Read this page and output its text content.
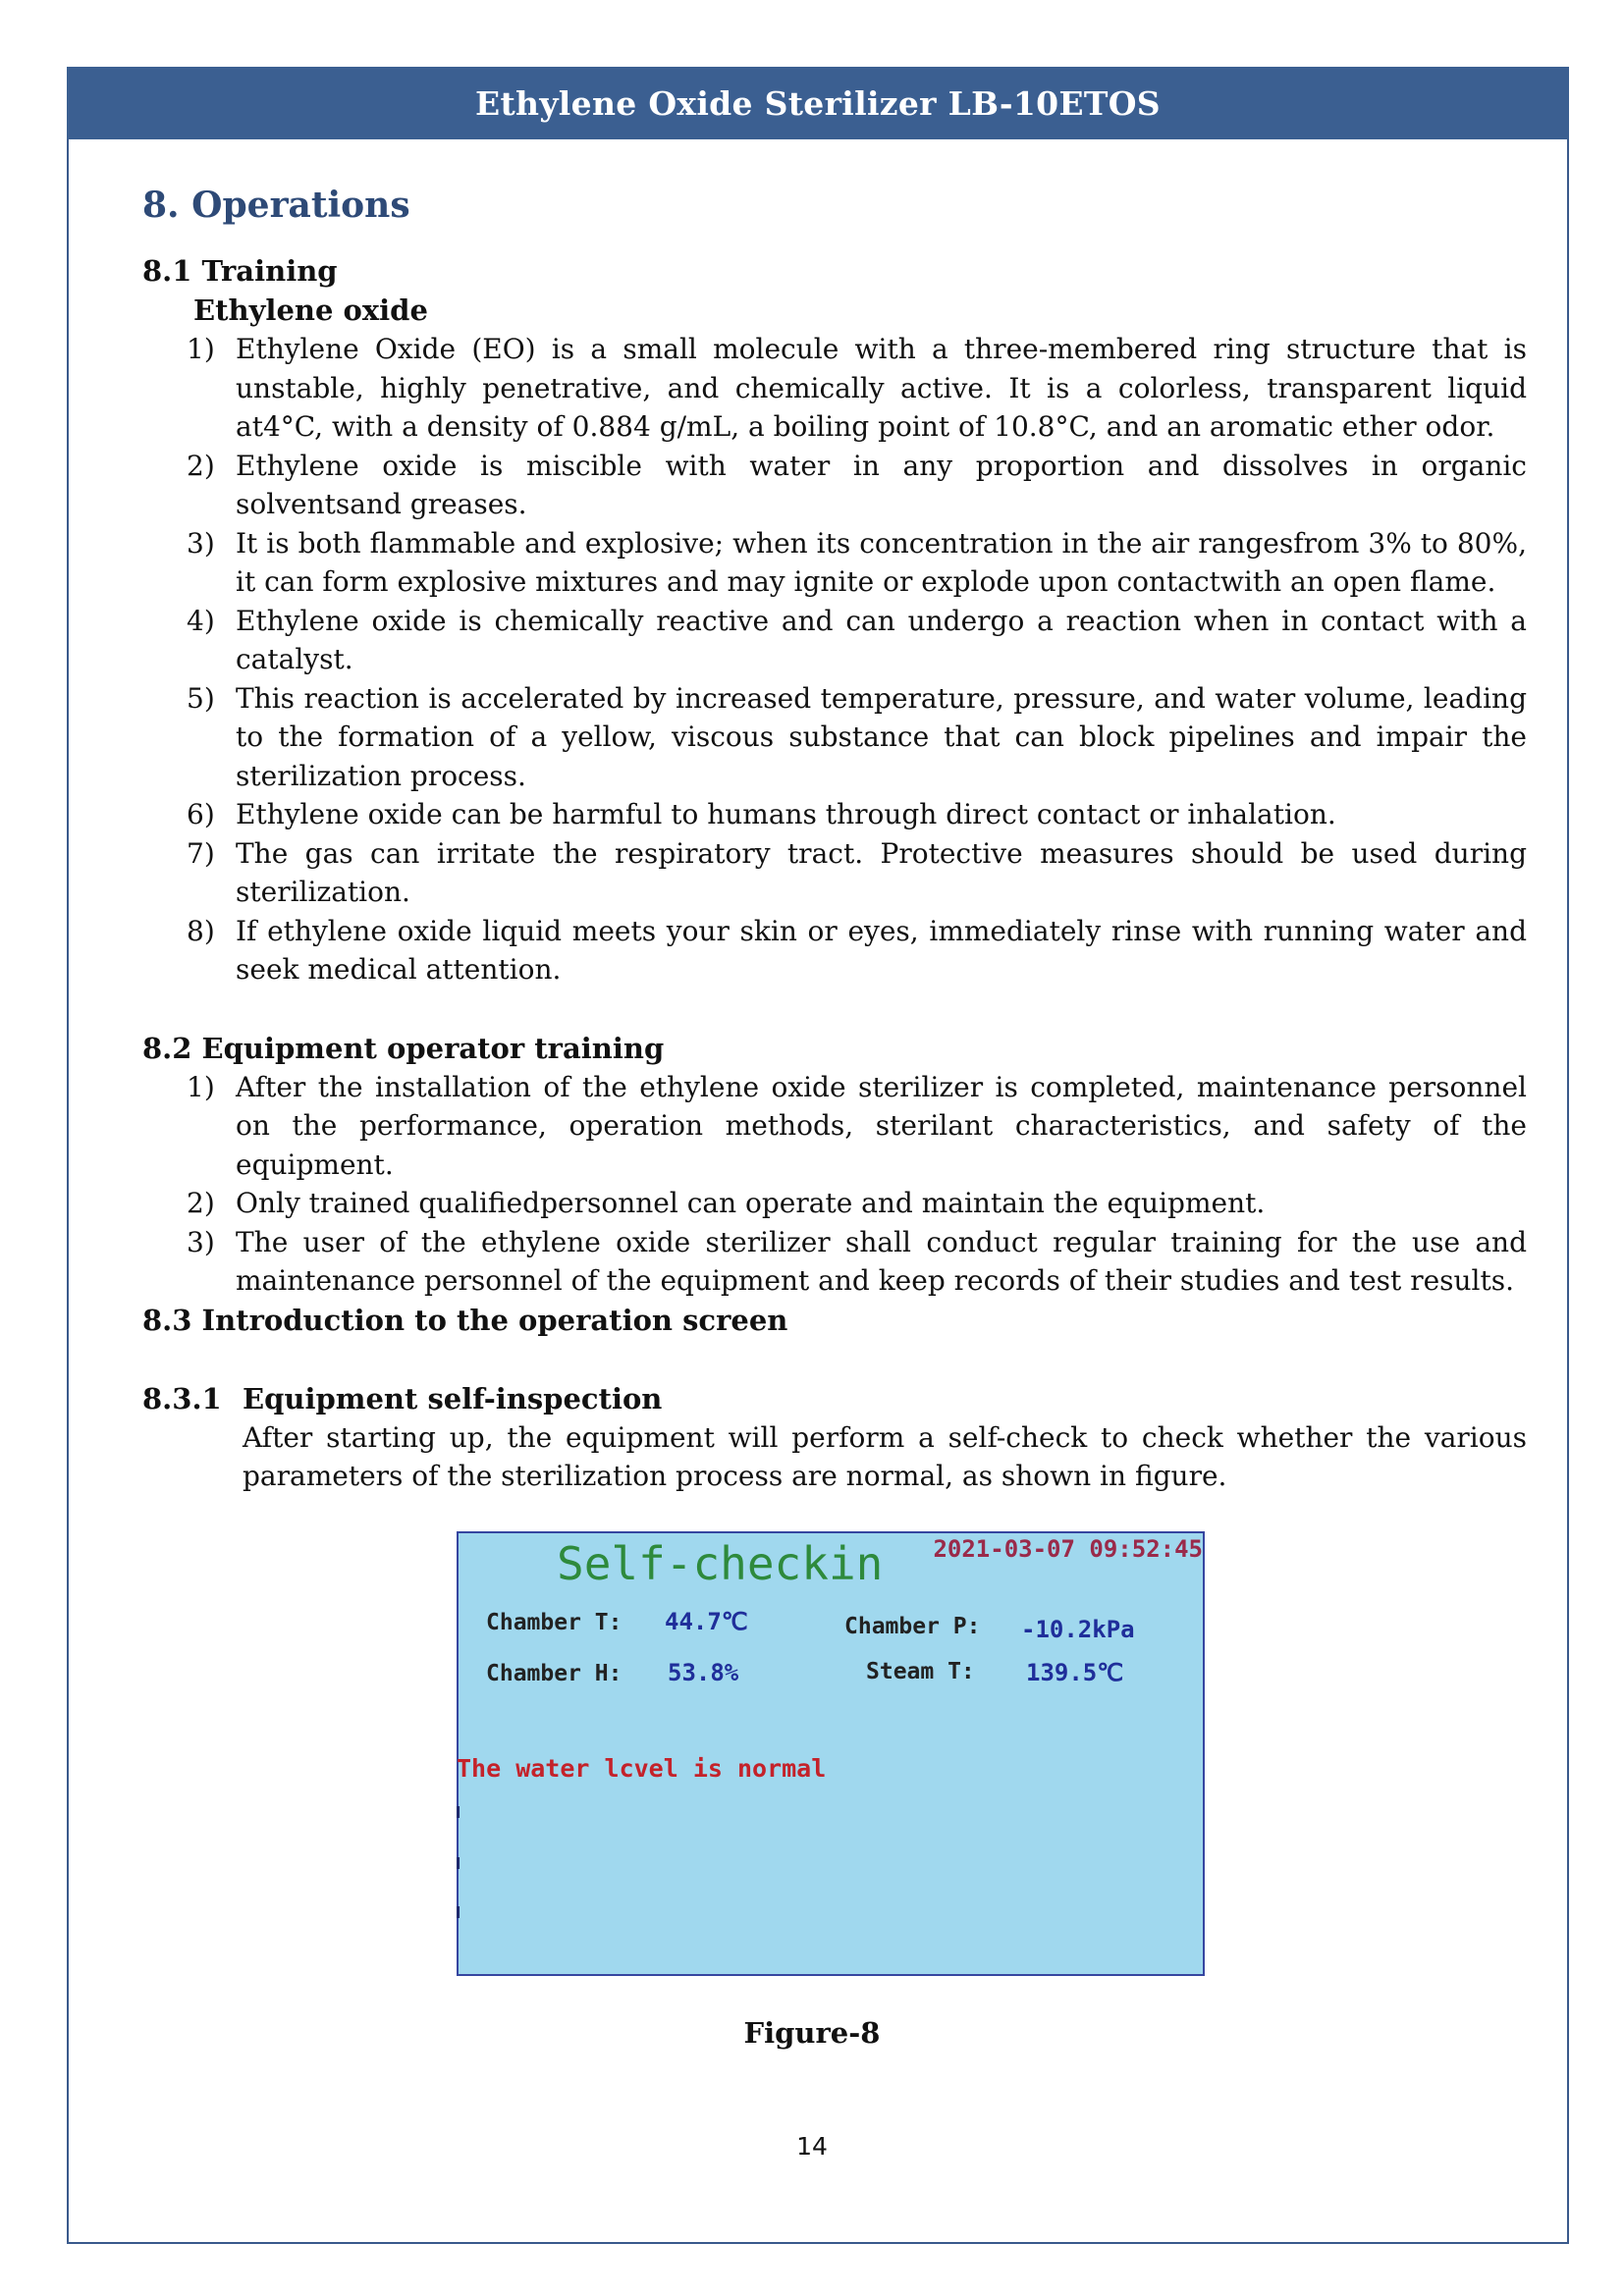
Ethylene Oxide Sterilizer LB-10ETOS
8. Operations
8.1 Training
Ethylene oxide
1) Ethylene Oxide (EO) is a small molecule with a three-membered ring structure that is unstable, highly penetrative, and chemically active. It is a colorless, transparent liquid at4°C, with a density of 0.884 g/mL, a boiling point of 10.8°C, and an aromatic ether odor.
2) Ethylene oxide is miscible with water in any proportion and dissolves in organic solventsand greases.
3) It is both flammable and explosive; when its concentration in the air rangesfrom 3% to 80%, it can form explosive mixtures and may ignite or explode upon contactwith an open flame.
4) Ethylene oxide is chemically reactive and can undergo a reaction when in contact with a catalyst.
5) This reaction is accelerated by increased temperature, pressure, and water volume, leading to the formation of a yellow, viscous substance that can block pipelines and impair the sterilization process.
6) Ethylene oxide can be harmful to humans through direct contact or inhalation.
7) The gas can irritate the respiratory tract. Protective measures should be used during sterilization.
8) If ethylene oxide liquid meets your skin or eyes, immediately rinse with running water and seek medical attention.
8.2 Equipment operator training
1) After the installation of the ethylene oxide sterilizer is completed, maintenance personnel on the performance, operation methods, sterilant characteristics, and safety of the equipment.
2) Only trained qualifiedpersonnel can operate and maintain the equipment.
3) The user of the ethylene oxide sterilizer shall conduct regular training for the use and maintenance personnel of the equipment and keep records of their studies and test results.
8.3 Introduction to the operation screen
8.3.1 Equipment self-inspection
After starting up, the equipment will perform a self-check to check whether the various parameters of the sterilization process are normal, as shown in figure.
Self-checkin 2021-03-07 09:52:45
Chamber T: 44.7℃	Chamber P: -10.2kPa
Chamber H: 53.8%	Steam T: 139.5℃
The water lcvel is normal
Figure-8
14
